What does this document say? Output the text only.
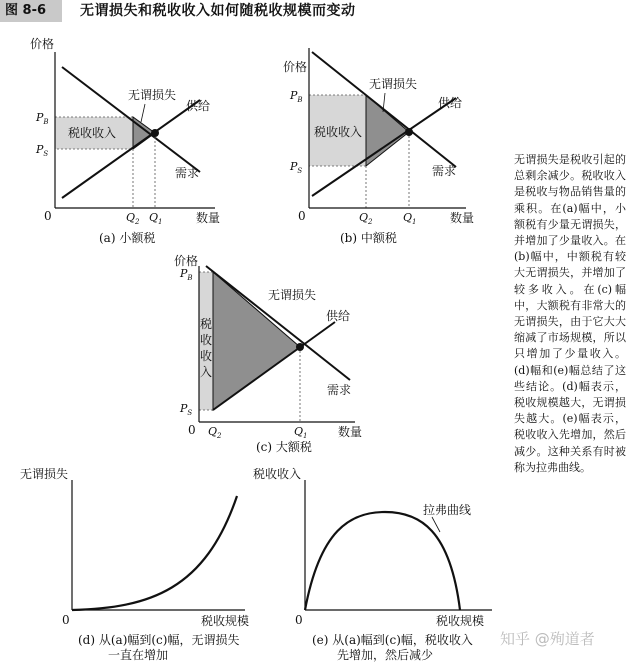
图 8-6	无谓损失和税收收入如何随税收规模而变动
价格
数量
0
$P_B$
$P_S$
$Q_2$ $Q_1$
税收收入
无谓损失
供给
需求
(a) 小额税
价格
数量
0
$P_B$
$P_S$
$Q_2$	$Q_1$
税收收入
无谓损失
供给
需求
(b) 中额税
价格
数量
0
$P_B$
$P_S$
$Q_2$	$Q_1$
税
收
收
入
无谓损失
供给
需求
(c) 大额税
无谓损失
税收规模
0
(d) 从(a)幅到(c)幅，无谓损失
一直在增加
税收收入
税收规模
0
拉弗曲线
(e) 从(a)幅到(c)幅，税收收入
先增加，然后减少
无谓损失是税收引起的总剩余减少。税收收入是税收与物品销售量的乘积。在(a)幅中，小额税有少量无谓损失，并增加了少量收入。在(b)幅中，中额税有较大无谓损失，并增加了较多收入。在(c)幅中，大额税有非常大的无谓损失，由于它大大缩减了市场规模，所以只增加了少量收入。(d)幅和(e)幅总结了这些结论。(d)幅表示，税收规模越大，无谓损失越大。(e)幅表示，税收收入先增加，然后减少。这种关系有时被称为拉弗曲线。
知乎 @殉道者
